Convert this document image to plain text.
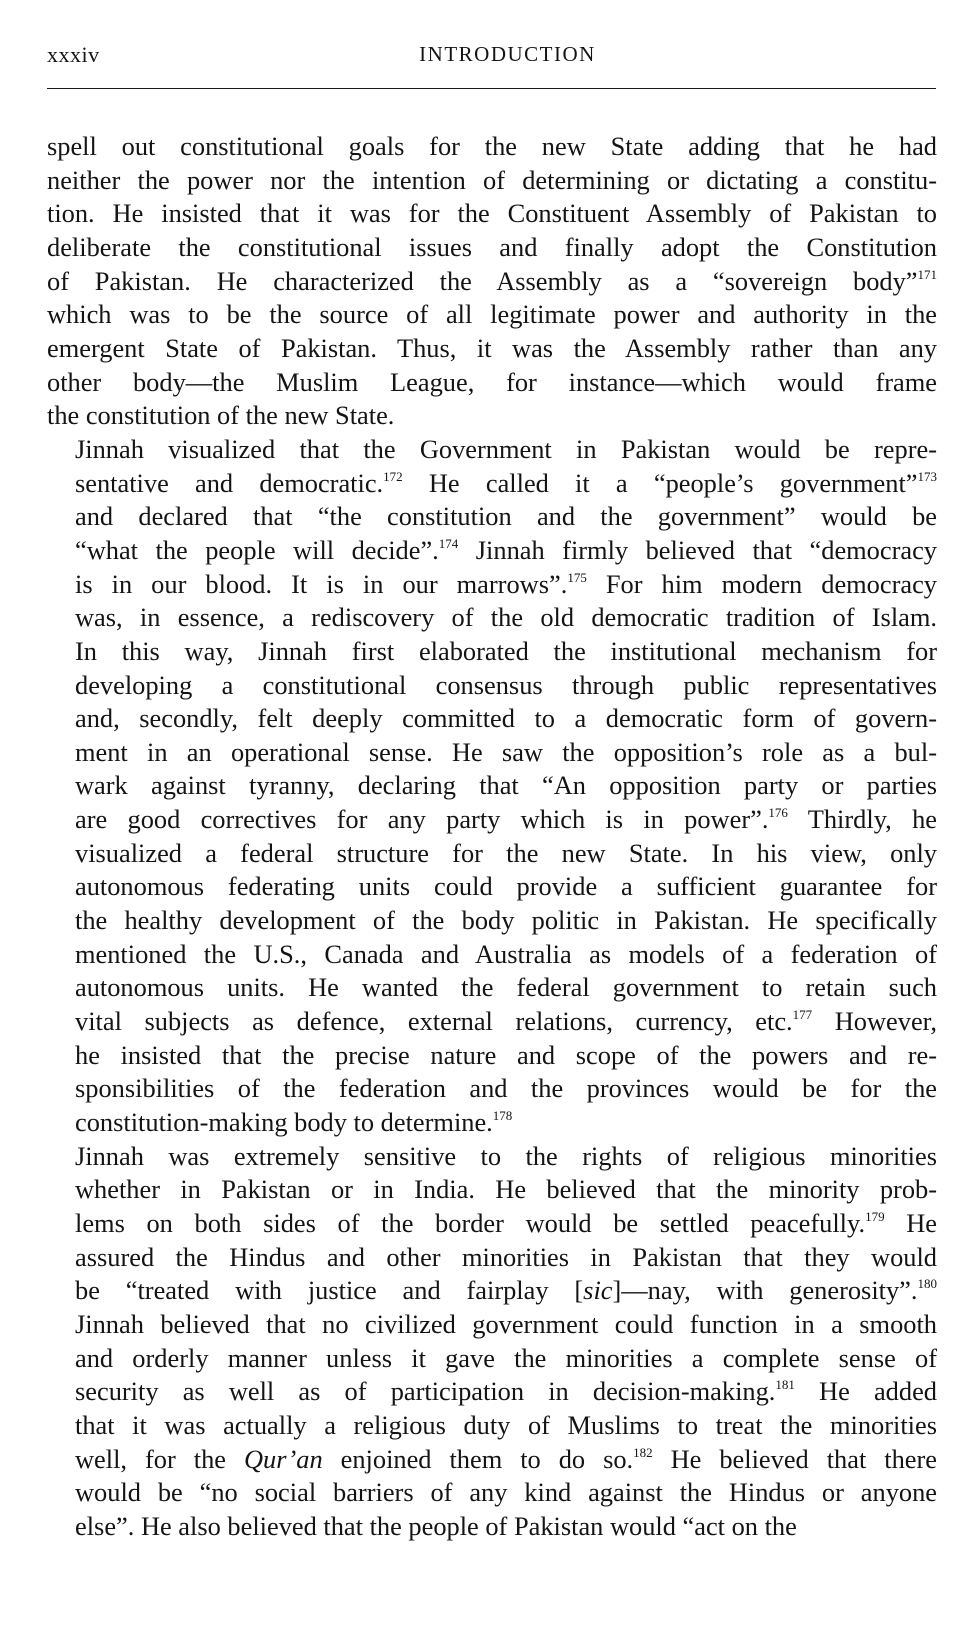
xxxiv	INTRODUCTION

spell out constitutional goals for the new State adding that he had
neither the power nor the intention of determining or dictating a constitu-
tion. He insisted that it was for the Constituent Assembly of Pakistan to
deliberate the constitutional issues and finally adopt the Constitution
of Pakistan. He characterized the Assembly as a “sovereign body”$^{171}$
which was to be the source of all legitimate power and authority in the
emergent State of Pakistan. Thus, it was the Assembly rather than any
other body—the Muslim League, for instance—which would frame
the constitution of the new State.

Jinnah visualized that the Government in Pakistan would be repre-
sentative and democratic.$^{172}$ He called it a “people’s government”$^{173}$
and declared that “the constitution and the government” would be
“what the people will decide”.$^{174}$ Jinnah firmly believed that “democracy
is in our blood. It is in our marrows”.$^{175}$ For him modern democracy
was, in essence, a rediscovery of the old democratic tradition of Islam.
In this way, Jinnah first elaborated the institutional mechanism for
developing a constitutional consensus through public representatives
and, secondly, felt deeply committed to a democratic form of govern-
ment in an operational sense. He saw the opposition’s role as a bul-
wark against tyranny, declaring that “An opposition party or parties
are good correctives for any party which is in power”.$^{176}$ Thirdly, he
visualized a federal structure for the new State. In his view, only
autonomous federating units could provide a sufficient guarantee for
the healthy development of the body politic in Pakistan. He specifically
mentioned the U.S., Canada and Australia as models of a federation of
autonomous units. He wanted the federal government to retain such
vital subjects as defence, external relations, currency, etc.$^{177}$ However,
he insisted that the precise nature and scope of the powers and re-
sponsibilities of the federation and the provinces would be for the
constitution-making body to determine.$^{178}$

Jinnah was extremely sensitive to the rights of religious minorities
whether in Pakistan or in India. He believed that the minority prob-
lems on both sides of the border would be settled peacefully.$^{179}$ He
assured the Hindus and other minorities in Pakistan that they would
be “treated with justice and fairplay [sic]—nay, with generosity”.$^{180}$
Jinnah believed that no civilized government could function in a smooth
and orderly manner unless it gave the minorities a complete sense of
security as well as of participation in decision-making.$^{181}$ He added
that it was actually a religious duty of Muslims to treat the minorities
well, for the Qur’an enjoined them to do so.$^{182}$ He believed that there
would be “no social barriers of any kind against the Hindus or anyone
else”. He also believed that the people of Pakistan would “act on the
